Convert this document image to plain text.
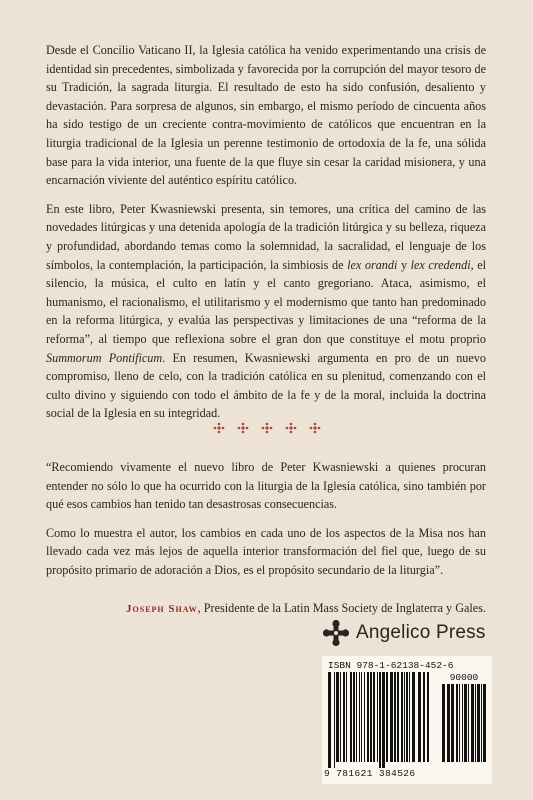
Desde el Concilio Vaticano II, la Iglesia católica ha venido experimentando una crisis de identidad sin precedentes, simbolizada y favorecida por la corrupción del mayor tesoro de su Tradición, la sagrada liturgia. El resultado de esto ha sido confusión, desaliento y devastación. Para sorpresa de algunos, sin embargo, el mismo período de cincuenta años ha sido testigo de un creciente contra-movimiento de católicos que encuentran en la liturgia tradicional de la Iglesia un perenne testimonio de ortodoxia de la fe, una sólida base para la vida interior, una fuente de la que fluye sin cesar la caridad misionera, y una encarnación viviente del auténtico espíritu católico.

En este libro, Peter Kwasniewski presenta, sin temores, una crítica del camino de las novedades litúrgicas y una detenida apología de la tradición litúrgica y su belleza, riqueza y profundidad, abordando temas como la solemnidad, la sacralidad, el lenguaje de los símbolos, la contemplación, la participación, la simbiosis de lex orandi y lex credendi, el silencio, la música, el culto en latín y el canto gregoriano. Ataca, asimismo, el humanismo, el racionalismo, el utilitarismo y el modernismo que tanto han predominado en la reforma litúrgica, y evalúa las perspectivas y limitaciones de una “reforma de la reforma”, al tiempo que reflexiona sobre el gran don que constituye el motu proprio Summorum Pontificum. En resumen, Kwasniewski argumenta en pro de un nuevo compromiso, lleno de celo, con la tradición católica en su plenitud, comenzando con el culto divino y siguiendo con todo el ámbito de la fe y de la moral, incluida la doctrina social de la Iglesia en su integridad.

“Recomiendo vivamente el nuevo libro de Peter Kwasniewski a quienes procuran entender no sólo lo que ha ocurrido con la liturgia de la Iglesia católica, sino también por qué esos cambios han tenido tan desastrosas consecuencias.

Como lo muestra el autor, los cambios en cada uno de los aspectos de la Misa nos han llevado cada vez más lejos de aquella interior transformación del fiel que, luego de su propósito primario de adoración a Dios, es el propósito secundario de la liturgia”.

Joseph Shaw, Presidente de la Latin Mass Society de Inglaterra y Gales.
Angelico Press
ISBN 978-1-62138-452-6
90000
9 781621 384526
